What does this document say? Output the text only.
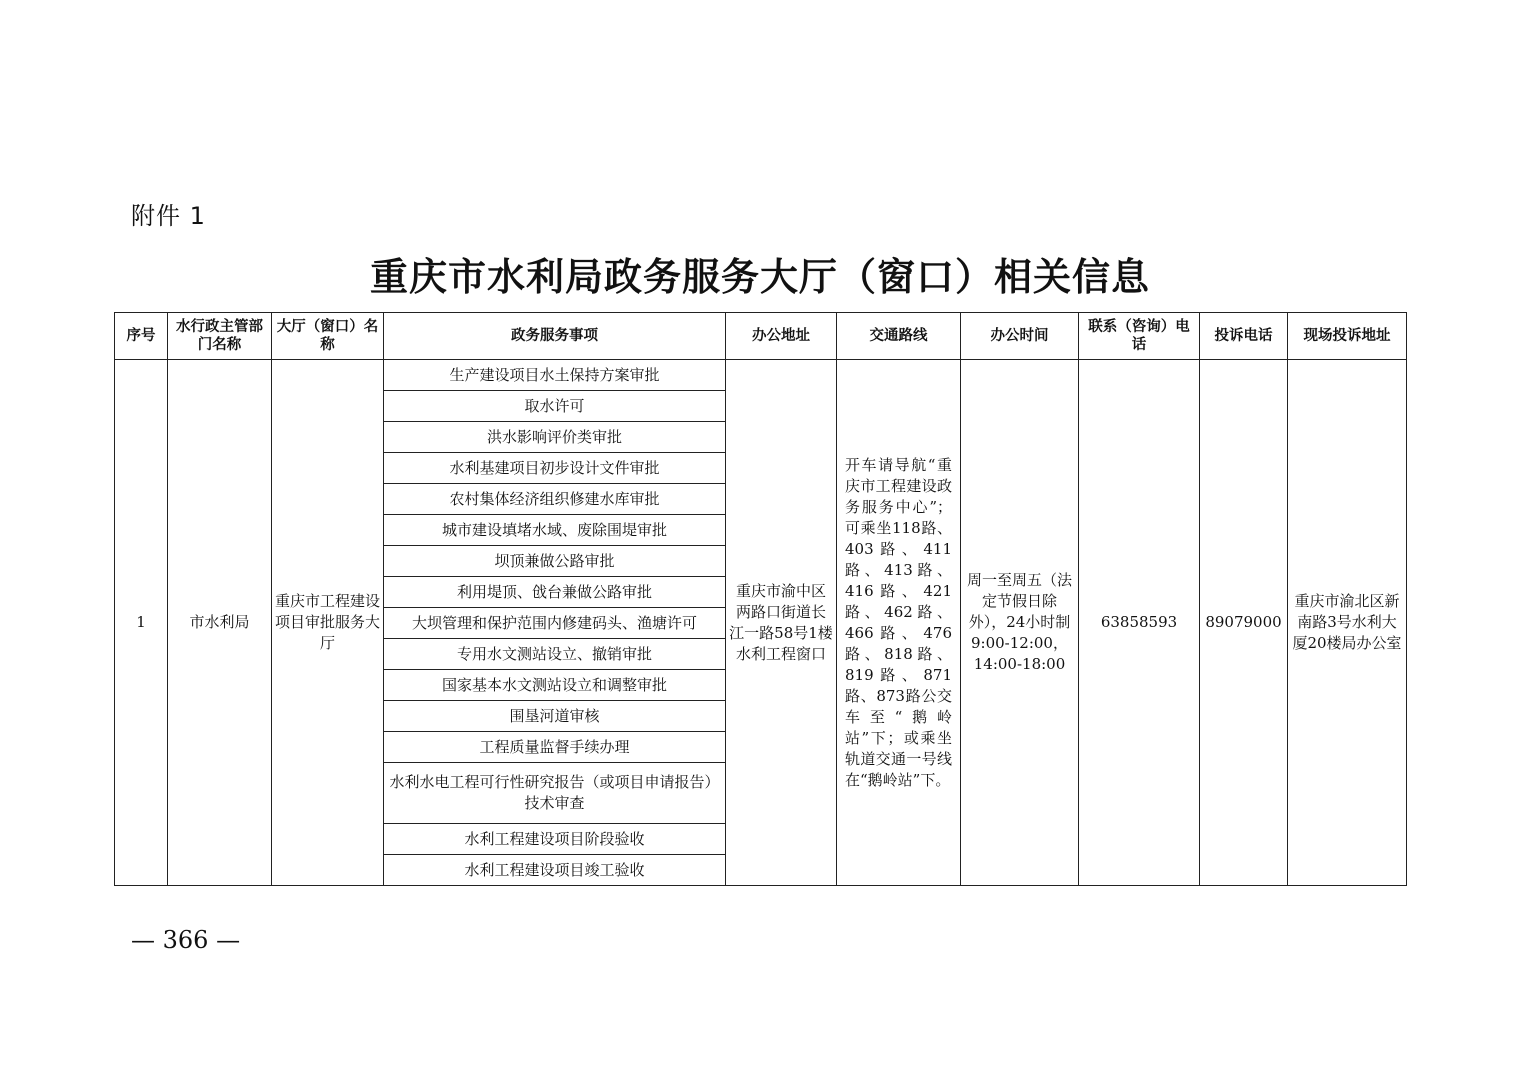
附件 1
重庆市水利局政务服务大厅（窗口）相关信息
序号	水行政主管部门名称	大厅（窗口）名称	政务服务事项	办公地址	交通路线	办公时间	联系（咨询）电话	投诉电话	现场投诉地址
1	市水利局	重庆市工程建设项目审批服务大厅	生产建设项目水土保持方案审批	重庆市渝中区两路口街道长江一路58号1楼水利工程窗口	开车请导航“重庆市工程建设政务服务中心”；可乘坐118路、403路、411路、413路、416路、421路、462路、466路、476路、818路、819路、871路、873路公交车至“鹅岭站”下；或乘坐轨道交通一号线在“鹅岭站”下。	周一至周五（法定节假日除外），24小时制 9:00-12:00，14:00-18:00	63858593	89079000	重庆市渝北区新南路3号水利大厦20楼局办公室
			取水许可						
			洪水影响评价类审批						
			水利基建项目初步设计文件审批						
			农村集体经济组织修建水库审批						
			城市建设填堵水域、废除围堤审批						
			坝顶兼做公路审批						
			利用堤顶、戗台兼做公路审批						
			大坝管理和保护范围内修建码头、渔塘许可						
			专用水文测站设立、撤销审批						
			国家基本水文测站设立和调整审批						
			围垦河道审核						
			工程质量监督手续办理						
			水利水电工程可行性研究报告（或项目申请报告）技术审查						
			水利工程建设项目阶段验收						
			水利工程建设项目竣工验收						
— 366 —
